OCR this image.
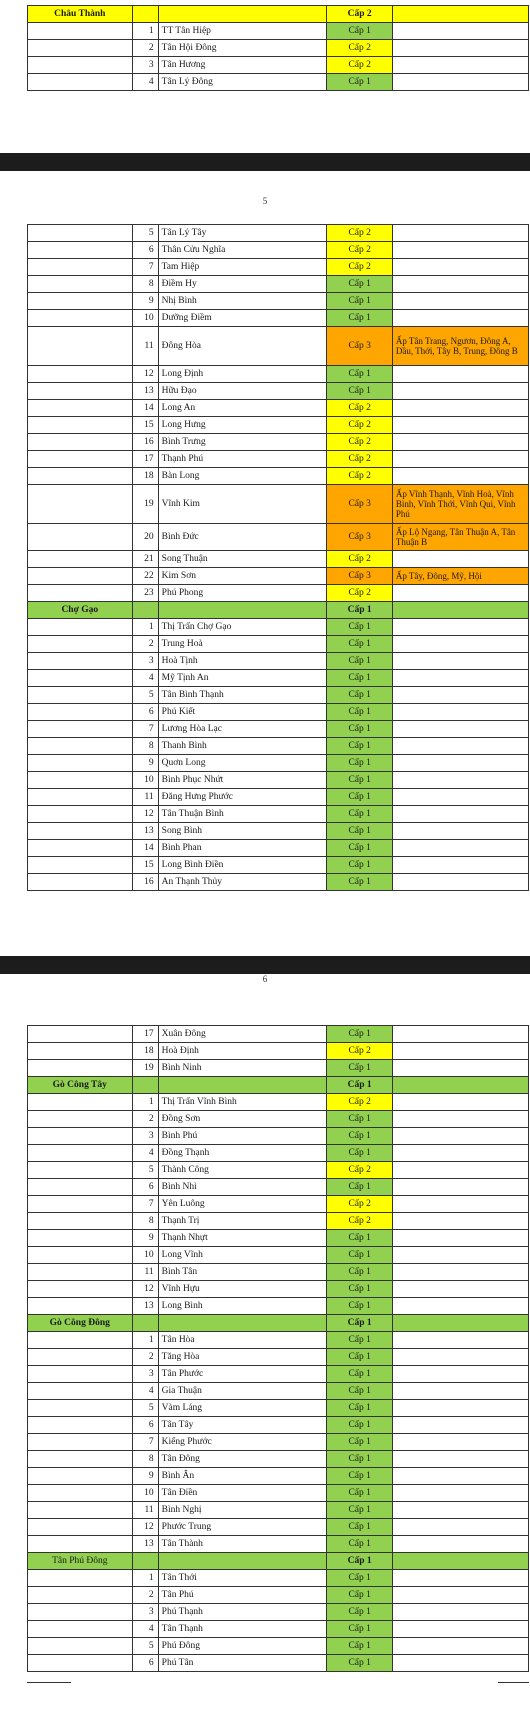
Châu Thành			Cấp 2	
	1	TT Tân Hiệp	Cấp 1	
	2	Tân Hội Đông	Cấp 2	
	3	Tân Hương	Cấp 2	
	4	Tân Lý Đông	Cấp 1	
5
	5	Tân Lý Tây	Cấp 2	
	6	Thân Cửu Nghĩa	Cấp 2	
	7	Tam Hiệp	Cấp 2	
	8	Điềm Hy	Cấp 1	
	9	Nhị Bình	Cấp 1	
	10	Dưỡng Điềm	Cấp 1	
	11	Đông Hòa	Cấp 3	Ấp Tân Trang, Ngươn, Đông A, Dầu, Thới, Tây B, Trung, Đông B
	12	Long Định	Cấp 1	
	13	Hữu Đạo	Cấp 1	
	14	Long An	Cấp 2	
	15	Long Hưng	Cấp 2	
	16	Bình Trưng	Cấp 2	
	17	Thạnh Phú	Cấp 2	
	18	Bàn Long	Cấp 2	
	19	Vĩnh Kim	Cấp 3	Ấp Vĩnh Thạnh, Vĩnh Hoà, Vĩnh Bình, Vĩnh Thới, Vĩnh Qui, Vĩnh Phú
	20	Bình Đức	Cấp 3	Ấp Lộ Ngang, Tân Thuận A, Tân Thuận B
	21	Song Thuận	Cấp 2	
	22	Kim Sơn	Cấp 3	Ấp Tây, Đông, Mỹ, Hội
	23	Phú Phong	Cấp 2	
Chợ Gạo			Cấp 1	
	1	Thị Trấn Chợ Gạo	Cấp 1	
	2	Trung Hoà	Cấp 1	
	3	Hoà Tịnh	Cấp 1	
	4	Mỹ Tịnh An	Cấp 1	
	5	Tân Bình Thạnh	Cấp 1	
	6	Phú Kiết	Cấp 1	
	7	Lương Hòa Lạc	Cấp 1	
	8	Thanh Bình	Cấp 1	
	9	Quơn Long	Cấp 1	
	10	Bình Phục Nhứt	Cấp 1	
	11	Đăng Hưng Phước	Cấp 1	
	12	Tân Thuận Bình	Cấp 1	
	13	Song Bình	Cấp 1	
	14	Bình Phan	Cấp 1	
	15	Long Bình Điền	Cấp 1	
	16	An Thạnh Thủy	Cấp 1	
6
	17	Xuân Đông	Cấp 1	
	18	Hoà Định	Cấp 2	
	19	Bình Ninh	Cấp 1	
Gò Công Tây			Cấp 1	
	1	Thị Trấn Vĩnh Bình	Cấp 2	
	2	Đồng Sơn	Cấp 1	
	3	Bình Phú	Cấp 1	
	4	Đồng Thạnh	Cấp 1	
	5	Thành Công	Cấp 2	
	6	Bình Nhì	Cấp 1	
	7	Yên Luông	Cấp 2	
	8	Thạnh Trị	Cấp 2	
	9	Thạnh Nhựt	Cấp 1	
	10	Long Vĩnh	Cấp 1	
	11	Bình Tân	Cấp 1	
	12	Vĩnh Hựu	Cấp 1	
	13	Long Bình	Cấp 1	
Gò Công Đông			Cấp 1	
	1	Tân Hòa	Cấp 1	
	2	Tăng Hòa	Cấp 1	
	3	Tân Phước	Cấp 1	
	4	Gia Thuận	Cấp 1	
	5	Vàm Láng	Cấp 1	
	6	Tân Tây	Cấp 1	
	7	Kiểng Phước	Cấp 1	
	8	Tân Đông	Cấp 1	
	9	Bình Ân	Cấp 1	
	10	Tân Điền	Cấp 1	
	11	Bình Nghị	Cấp 1	
	12	Phước Trung	Cấp 1	
	13	Tân Thành	Cấp 1	
Tân Phú Đông			Cấp 1	
	1	Tân Thới	Cấp 1	
	2	Tân Phú	Cấp 1	
	3	Phú Thạnh	Cấp 1	
	4	Tân Thạnh	Cấp 1	
	5	Phú Đông	Cấp 1	
	6	Phú Tân	Cấp 1	
